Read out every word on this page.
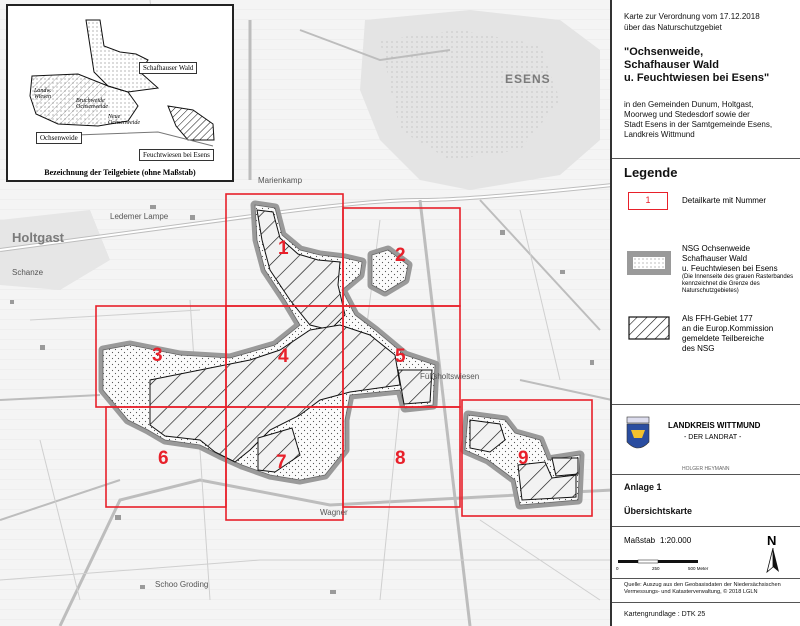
ESENS
Holtgast
Marienkamp
Ledemer Lampe
Schanze
Wagner
Schoo Groding
Fültsholtswiesen
1	2
3	4	5
6	7	8	9
Schafhauser Wald
Ochsenweide
Feuchtwiesen bei Esens
Landw. Wiesen
Bruchweide Ochsenweide
Neue Ochsenweide
Bezeichnung der Teilgebiete (ohne Maßstab)
Karte zur Verordnung vom 17.12.2018
über das Naturschutzgebiet
"Ochsenweide,
Schafhauser Wald
u. Feuchtwiesen bei Esens"
in den Gemeinden Dunum, Holtgast,
Moorweg und Stedesdorf sowie der
Stadt Esens in der Samtgemeinde Esens,
Landkreis Wittmund
Legende
1	Detailkarte mit Nummer
NSG Ochsenweide
Schafhauser Wald
u. Feuchtwiesen bei Esens
(Die Innenseite des grauen Rasterbandes kennzeichnet die Grenze des Naturschutzgebietes)
Als FFH-Gebiet 177
an die Europ.Kommission
gemeldete Teilbereiche
des NSG
LANDKREIS WITTMUND
- DER LANDRAT -
HOLGER HEYMANN
Anlage 1
Übersichtskarte
Maßstab 1:20.000
0	250	500 Meter
N
Quelle: Auszug aus den Geobasisdaten der Niedersächsischen
Vermessungs- und Katasterverwaltung, © 2018 LGLN
Kartengrundlage : DTK 25
